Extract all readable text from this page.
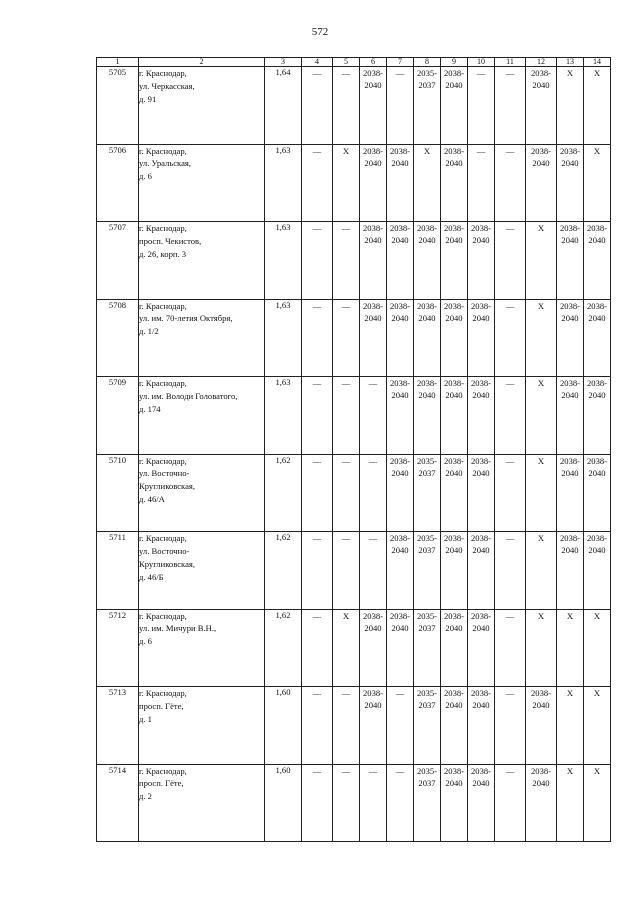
572
1	2	3	4	5	6	7	8	9	10	11	12	13	14
5705	г. Краснодар,
ул. Черкасская,
д. 91	1,64	—	—	2038-
2040	—	2035-
2037	2038-
2040	—	—	2038-
2040	X	X
5706	г. Краснодар,
ул. Уральская,
д. 6	1,63	—	X	2038-
2040	2038-
2040	X	2038-
2040	—	—	2038-
2040	2038-
2040	X
5707	г. Краснодар,
просп. Чекистов,
д. 26, корп. 3	1,63	—	—	2038-
2040	2038-
2040	2038-
2040	2038-
2040	2038-
2040	—	X	2038-
2040	2038-
2040
5708	г. Краснодар,
ул. им. 70-летия Октября,
д. 1/2	1,63	—	—	2038-
2040	2038-
2040	2038-
2040	2038-
2040	2038-
2040	—	X	2038-
2040	2038-
2040
5709	г. Краснодар,
ул. им. Володи Головатого,
д. 174	1,63	—	—	—	2038-
2040	2038-
2040	2038-
2040	2038-
2040	—	X	2038-
2040	2038-
2040
5710	г. Краснодар,
ул. Восточно-
Кругликовская,
д. 46/А	1,62	—	—	—	2038-
2040	2035-
2037	2038-
2040	2038-
2040	—	X	2038-
2040	2038-
2040
5711	г. Краснодар,
ул. Восточно-
Кругликовская,
д. 46/Б	1,62	—	—	—	2038-
2040	2035-
2037	2038-
2040	2038-
2040	—	X	2038-
2040	2038-
2040
5712	г. Краснодар,
ул. им. Мичури В.Н.,
д. 6	1,62	—	X	2038-
2040	2038-
2040	2035-
2037	2038-
2040	2038-
2040	—	X	X	X
5713	г. Краснодар,
просп. Гёте,
д. 1	1,60	—	—	2038-
2040	—	2035-
2037	2038-
2040	2038-
2040	—	2038-
2040	X	X
5714	г. Краснодар,
просп. Гёте,
д. 2	1,60	—	—	—	—	2035-
2037	2038-
2040	2038-
2040	—	2038-
2040	X	X
